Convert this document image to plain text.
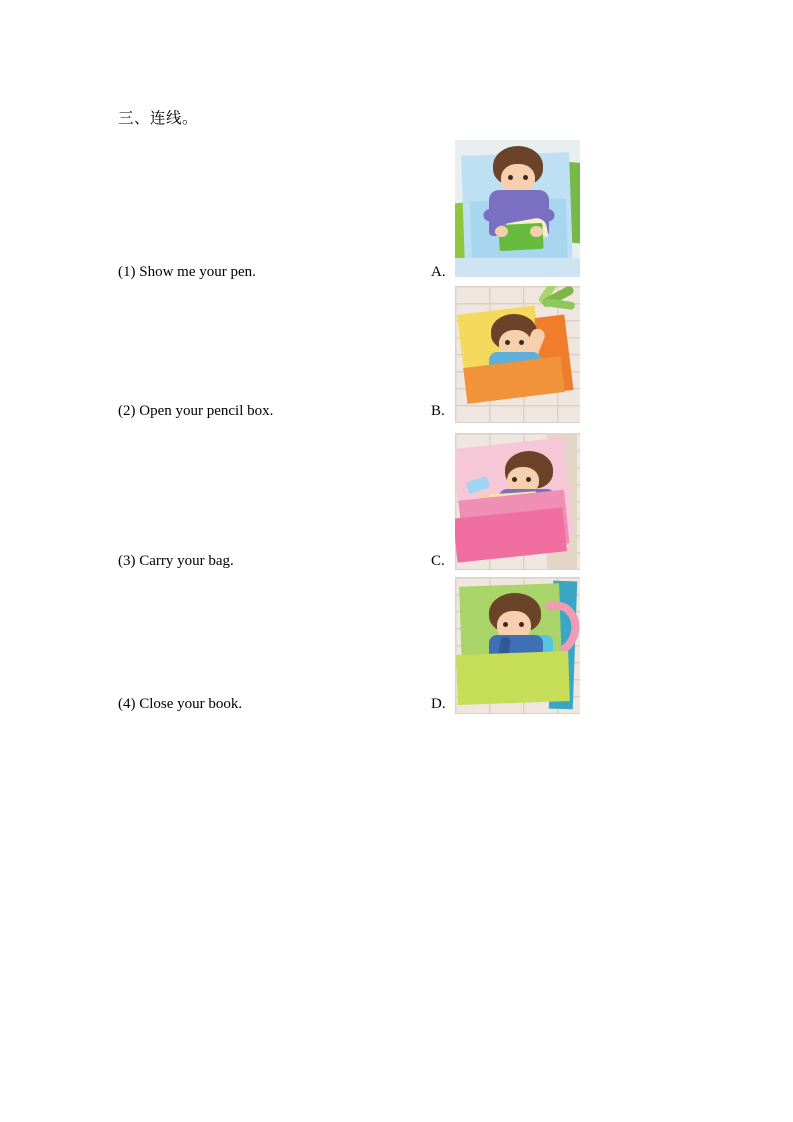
三、连线。
(1) Show me your pen.	A.
(2) Open your pencil box.	B.
(3) Carry your bag.	C.
(4) Close your book.	D.
